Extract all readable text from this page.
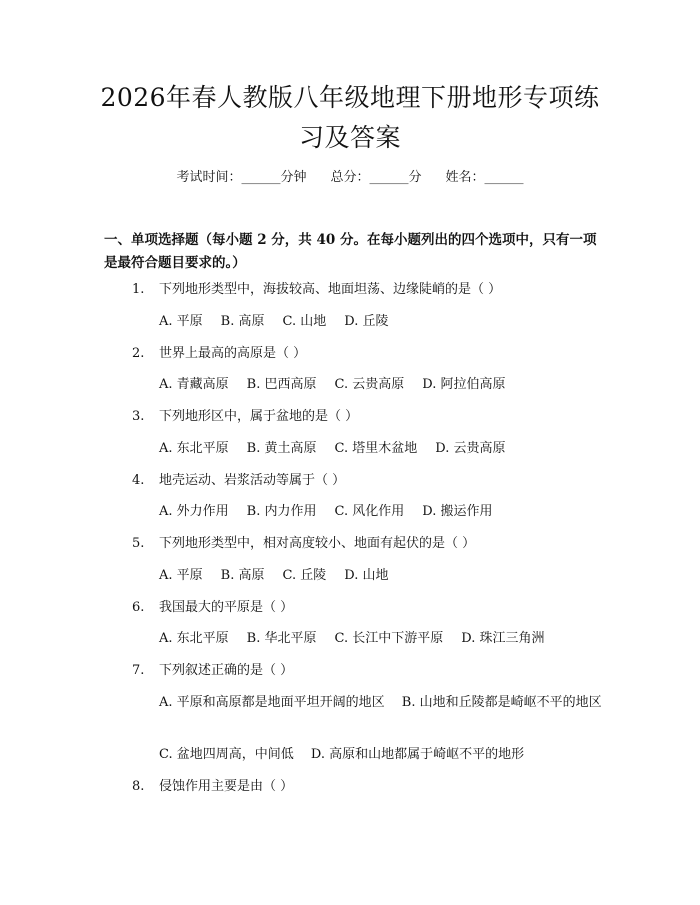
2026年春人教版八年级地理下册地形专项练习及答案
考试时间：______分钟 总分：______分 姓名：______
一、单项选择题（每小题 2 分，共 40 分。在每小题列出的四个选项中，只有一项是最符合题目要求的。）
1. 下列地形类型中，海拔较高、地面坦荡、边缘陡峭的是（ ）
A. 平原 B. 高原 C. 山地 D. 丘陵
2. 世界上最高的高原是（ ）
A. 青藏高原 B. 巴西高原 C. 云贵高原 D. 阿拉伯高原
3. 下列地形区中，属于盆地的是（ ）
A. 东北平原 B. 黄土高原 C. 塔里木盆地 D. 云贵高原
4. 地壳运动、岩浆活动等属于（ ）
A. 外力作用 B. 内力作用 C. 风化作用 D. 搬运作用
5. 下列地形类型中，相对高度较小、地面有起伏的是（ ）
A. 平原 B. 高原 C. 丘陵 D. 山地
6. 我国最大的平原是（ ）
A. 东北平原 B. 华北平原 C. 长江中下游平原 D. 珠江三角洲
7. 下列叙述正确的是（ ）
A. 平原和高原都是地面平坦开阔的地区　 B. 山地和丘陵都是崎岖不平的地区
C. 盆地四周高，中间低　 D. 高原和山地都属于崎岖不平的地形
8. 侵蚀作用主要是由（ ）
